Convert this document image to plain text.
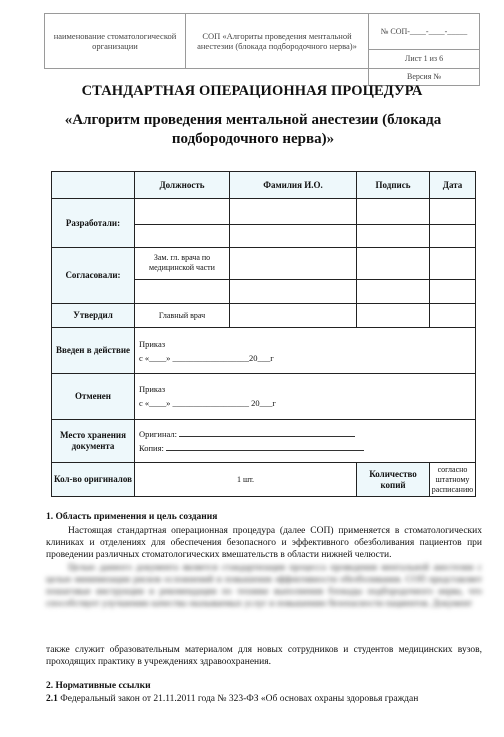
наименование стоматологической организации	СОП «Алгориты проведения ментальной анестезии (блокада подбородочного нерва)»	№ СОП-____-____-_____
		Лист 1 из 6
		Версия №
СТАНДАРТНАЯ ОПЕРАЦИОННАЯ ПРОЦЕДУРА
«Алгоритм проведения ментальной анестезии (блокада подбородочного нерва)»
	Должность	Фамилия И.О.	Подпись	Дата
Разработали:				

Согласовали:	Зам. гл. врача по медицинской части			

Утвердил	Главный врач			
Введен в действие	Приказ
с «____» __________________20___г			

Отменен	Приказ
с «____» __________________ 20___г			

Место хранения документа	Оригинал:
Копия:			

Кол-во оригиналов	1 шт.		Количество копий	согласно штатному расписанию
1. Область применения и цель создания
Настоящая стандартная операционная процедура (далее СОП) применяется в стоматологических клиниках и отделениях для обеспечения безопасного и эффективного обезболивания пациентов при проведении различных стоматологических вмешательств в области нижней челюсти.
Целью данного документа является стандартизация процесса проведения ментальной анестезии с целью минимизации рисков осложнений и повышения эффективности обезболивания. СОП представляет пошаговые инструкции и рекомендации по технике выполнения блокады подбородочного нерва, что способствует улучшению качества оказываемых услуг и повышению безопасности пациентов. Документ
также служит образовательным материалом для новых сотрудников и студентов медицинских вузов, проходящих практику в учреждениях здравоохранения.
2. Нормативные ссылки
2.1 Федеральный закон от 21.11.2011 года № 323-ФЗ «Об основах охраны здоровья граждан
